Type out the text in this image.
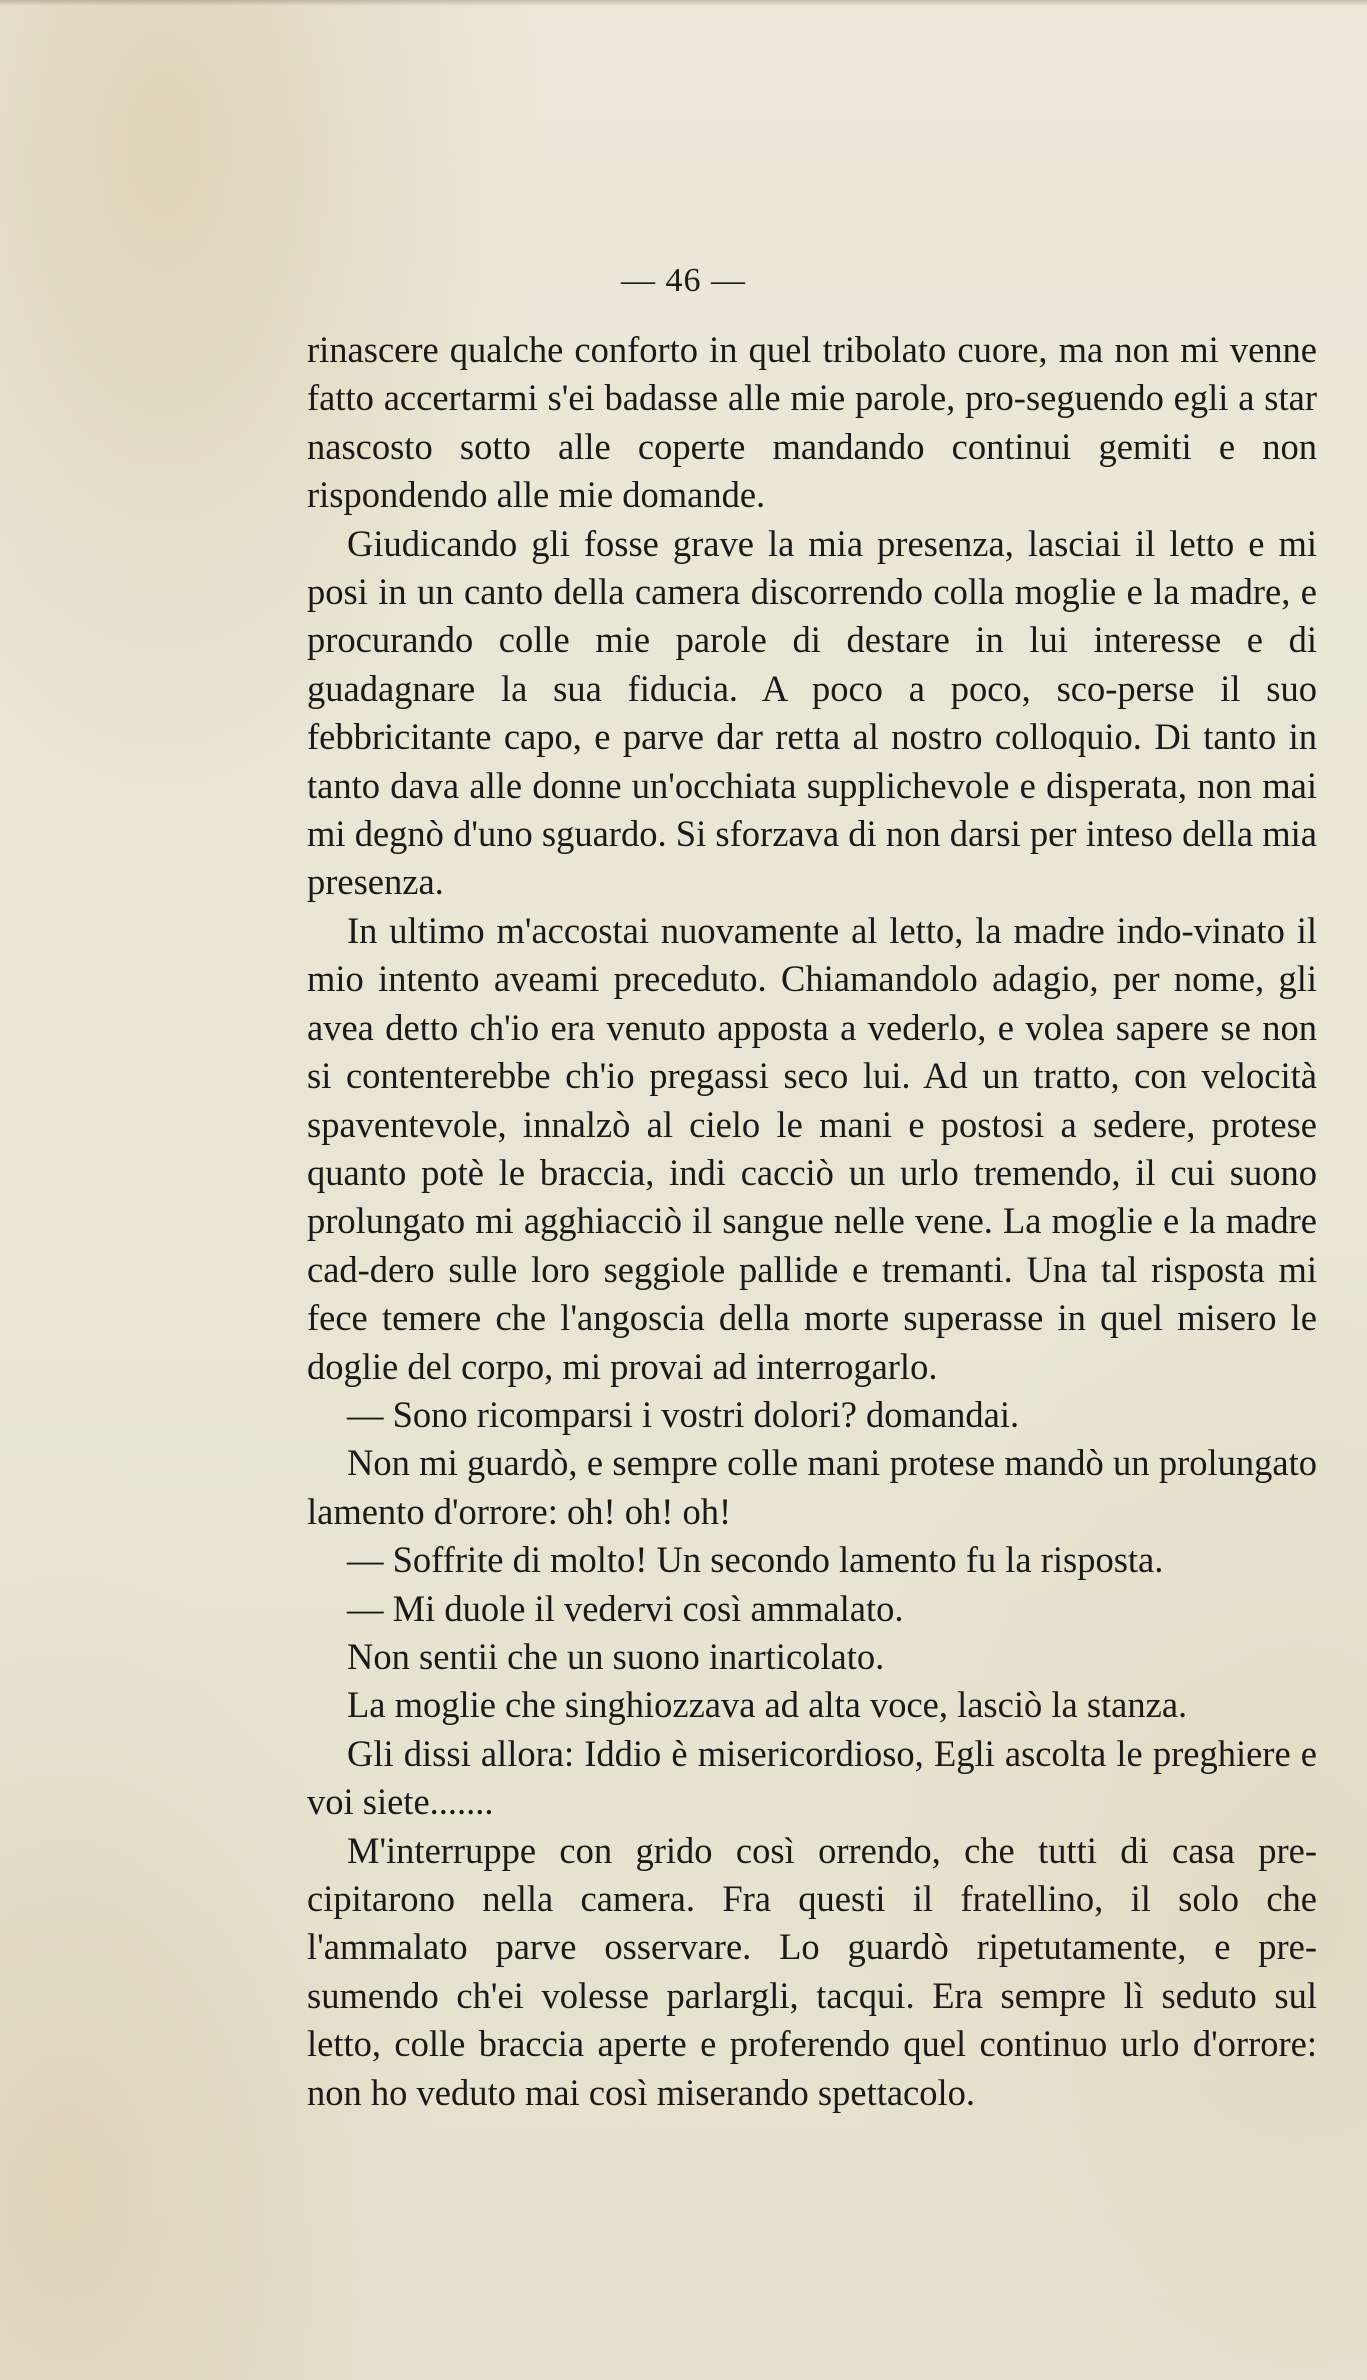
— 46 —

rinascere qualche conforto in quel tribolato cuore, ma non mi venne fatto accertarmi s'ei badasse alle mie parole, pro-seguendo egli a star nascosto sotto alle coperte mandando continui gemiti e non rispondendo alle mie domande.

Giudicando gli fosse grave la mia presenza, lasciai il letto e mi posi in un canto della camera discorrendo colla moglie e la madre, e procurando colle mie parole di destare in lui interesse e di guadagnare la sua fiducia. A poco a poco, sco-perse il suo febbricitante capo, e parve dar retta al nostro colloquio. Di tanto in tanto dava alle donne un'occhiata supplichevole e disperata, non mai mi degnò d'uno sguardo. Si sforzava di non darsi per inteso della mia presenza.

In ultimo m'accostai nuovamente al letto, la madre indo-vinato il mio intento aveami preceduto. Chiamandolo adagio, per nome, gli avea detto ch'io era venuto apposta a vederlo, e volea sapere se non si contenterebbe ch'io pregassi seco lui. Ad un tratto, con velocità spaventevole, innalzò al cielo le mani e postosi a sedere, protese quanto potè le braccia, indi cacciò un urlo tremendo, il cui suono prolungato mi agghiacciò il sangue nelle vene. La moglie e la madre cad-dero sulle loro seggiole pallide e tremanti. Una tal risposta mi fece temere che l'angoscia della morte superasse in quel misero le doglie del corpo, mi provai ad interrogarlo.

— Sono ricomparsi i vostri dolori? domandai.

Non mi guardò, e sempre colle mani protese mandò un prolungato lamento d'orrore: oh! oh! oh!

— Soffrite di molto! Un secondo lamento fu la risposta.

— Mi duole il vedervi così ammalato.

Non sentii che un suono inarticolato.

La moglie che singhiozzava ad alta voce, lasciò la stanza.

Gli dissi allora: Iddio è misericordioso, Egli ascolta le preghiere e voi siete.......

M'interruppe con grido così orrendo, che tutti di casa pre-cipitarono nella camera. Fra questi il fratellino, il solo che l'ammalato parve osservare. Lo guardò ripetutamente, e pre-sumendo ch'ei volesse parlargli, tacqui. Era sempre lì seduto sul letto, colle braccia aperte e proferendo quel continuo urlo d'orrore: non ho veduto mai così miserando spettacolo.
